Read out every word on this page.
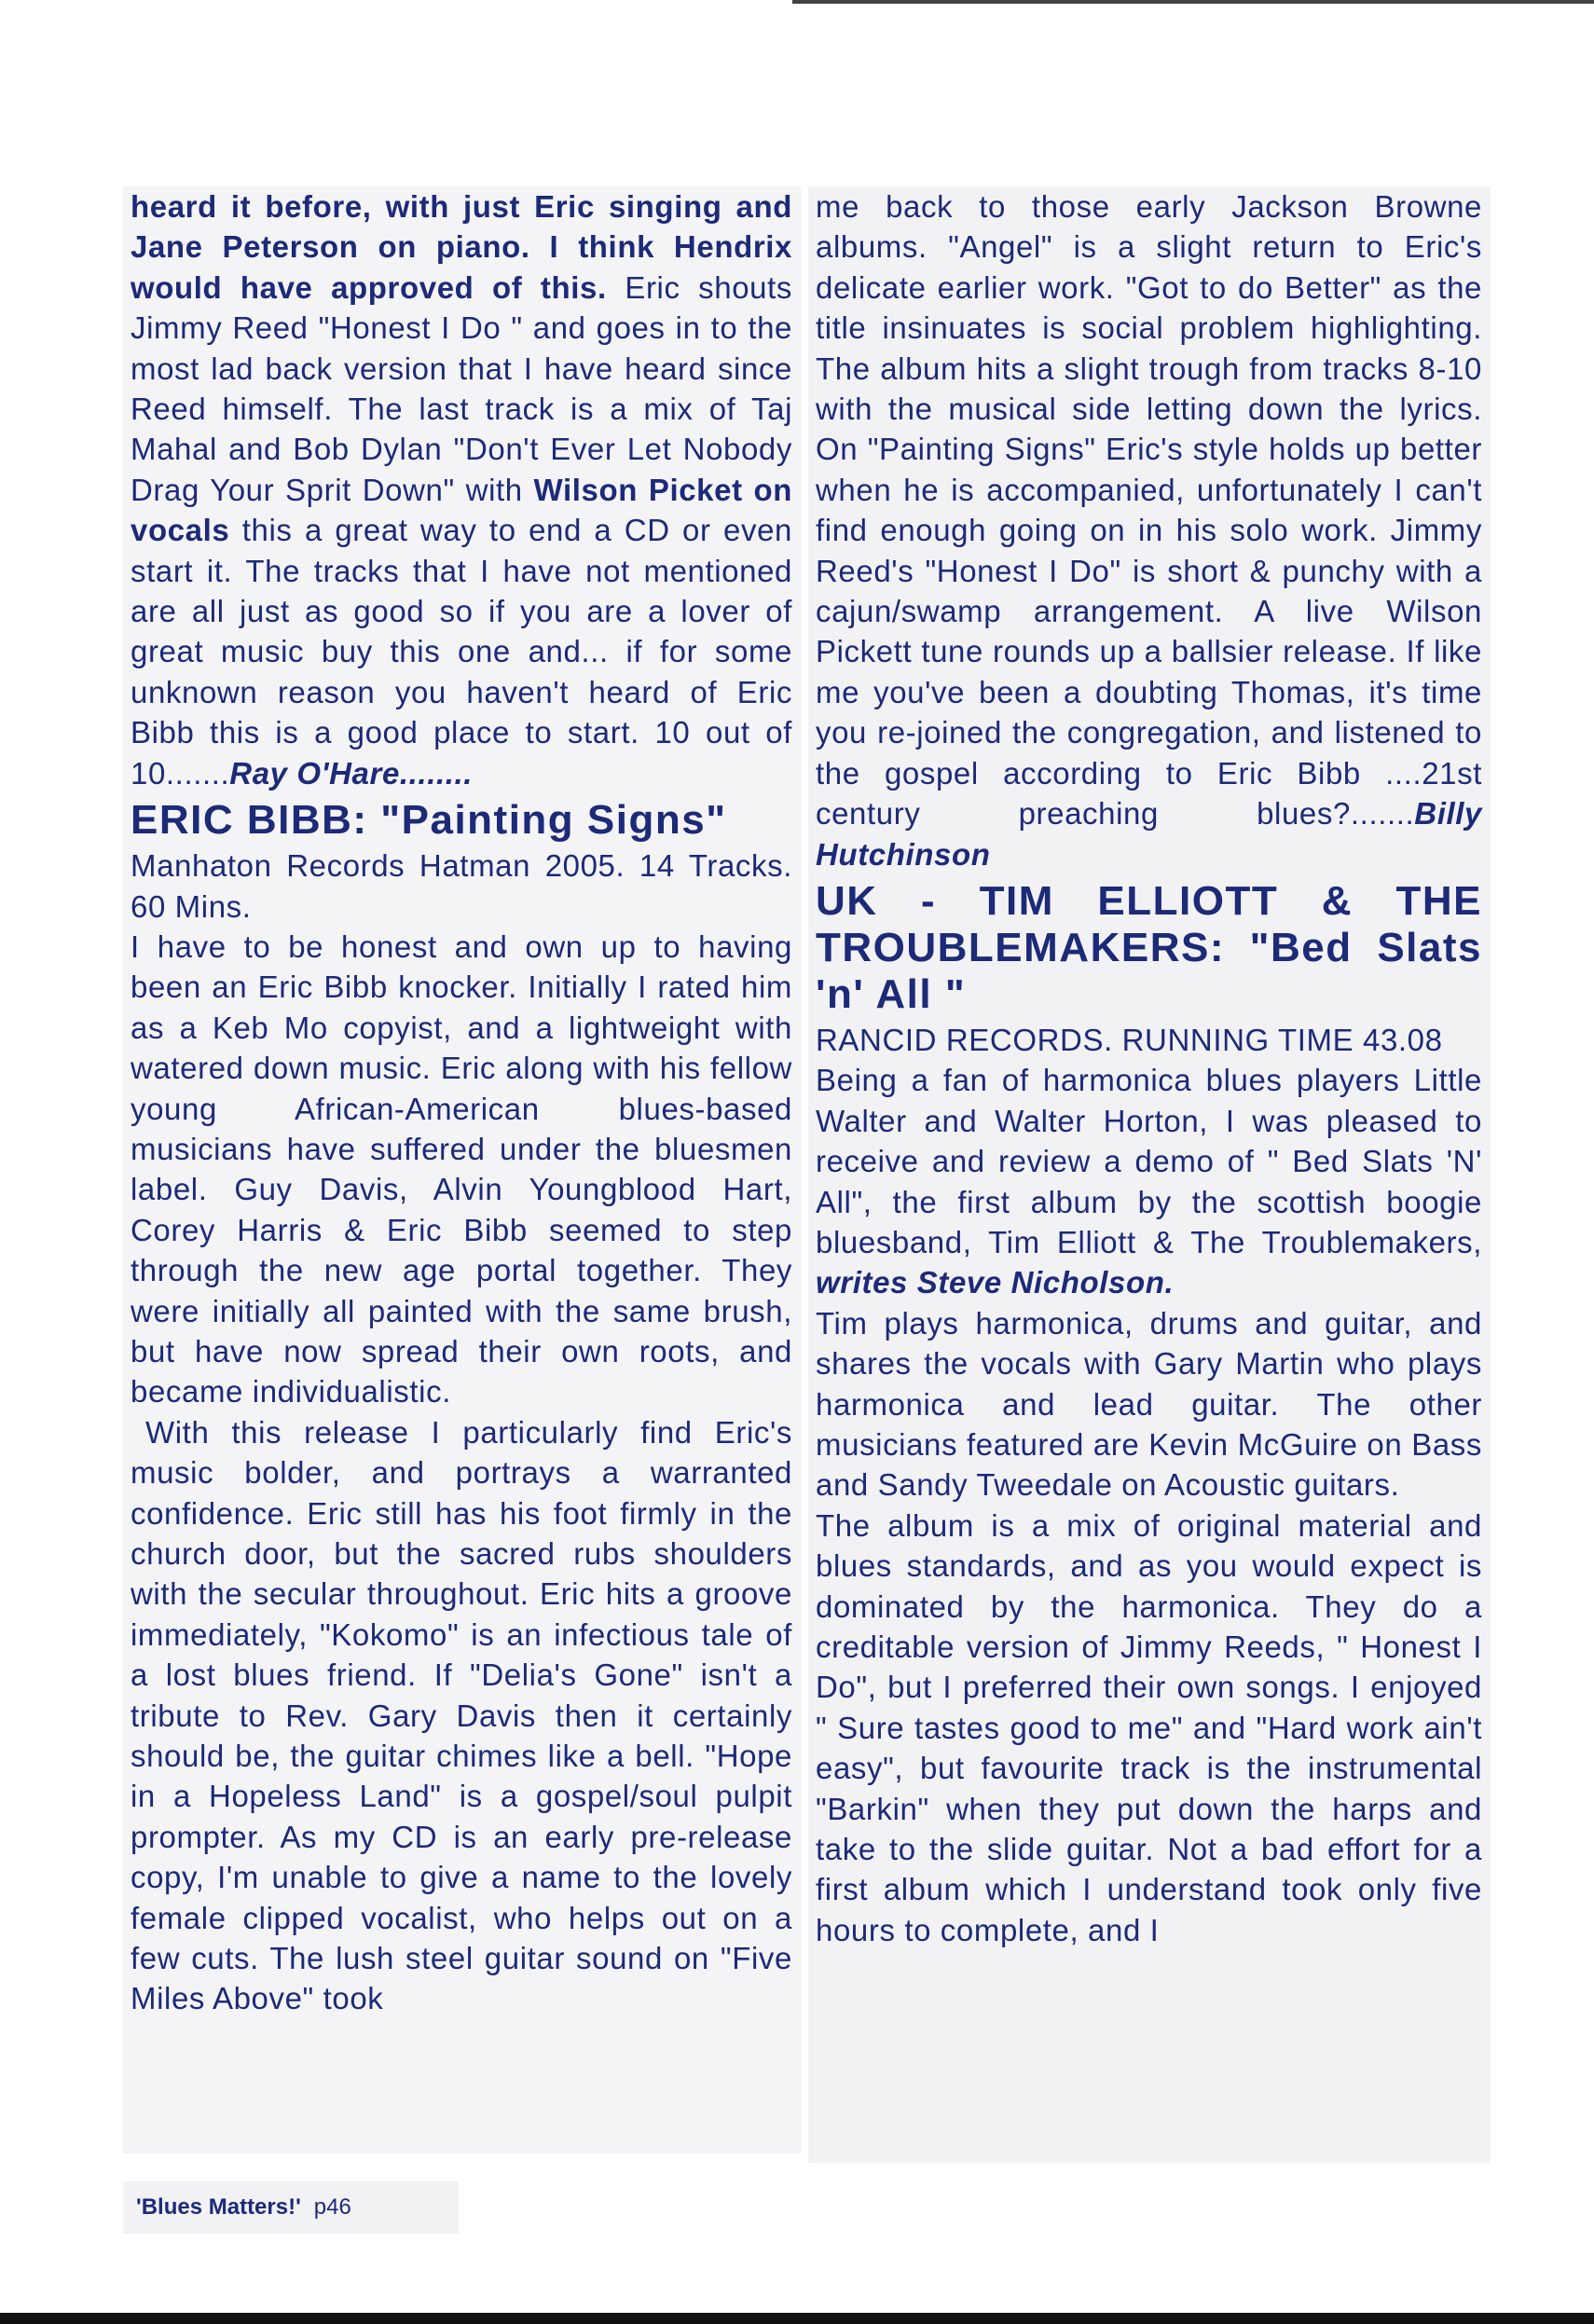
heard it before, with just Eric singing and Jane Peterson on piano. I think Hendrix would have approved of this. Eric shouts Jimmy Reed "Honest I Do " and goes in to the most lad back version that I have heard since Reed himself. The last track is a mix of Taj Mahal and Bob Dylan "Don't Ever Let Nobody Drag Your Sprit Down" with Wilson Picket on vocals this a great way to end a CD or even start it. The tracks that I have not mentioned are all just as good so if you are a lover of great music buy this one and... if for some unknown reason you haven't heard of Eric Bibb this is a good place to start. 10 out of 10.......Ray O'Hare........

ERIC BIBB: "Painting Signs"

Manhaton Records Hatman 2005. 14 Tracks. 60 Mins.

I have to be honest and own up to having been an Eric Bibb knocker. Initially I rated him as a Keb Mo copyist, and a lightweight with watered down music. Eric along with his fellow young African-American blues-based musicians have suffered under the bluesmen label. Guy Davis, Alvin Youngblood Hart, Corey Harris & Eric Bibb seemed to step through the new age portal together. They were initially all painted with the same brush, but have now spread their own roots, and became individualistic.

With this release I particularly find Eric's music bolder, and portrays a warranted confidence. Eric still has his foot firmly in the church door, but the sacred rubs shoulders with the secular throughout. Eric hits a groove immediately, "Kokomo" is an infectious tale of a lost blues friend. If "Delia's Gone" isn't a tribute to Rev. Gary Davis then it certainly should be, the guitar chimes like a bell. "Hope in a Hopeless Land" is a gospel/soul pulpit prompter. As my CD is an early pre-release copy, I'm unable to give a name to the lovely female clipped vocalist, who helps out on a few cuts. The lush steel guitar sound on "Five Miles Above" took

me back to those early Jackson Browne albums. "Angel" is a slight return to Eric's delicate earlier work. "Got to do Better" as the title insinuates is social problem highlighting. The album hits a slight trough from tracks 8-10 with the musical side letting down the lyrics. On "Painting Signs" Eric's style holds up better when he is accompanied, unfortunately I can't find enough going on in his solo work. Jimmy Reed's "Honest I Do" is short & punchy with a cajun/swamp arrangement. A live Wilson Pickett tune rounds up a ballsier release. If like me you've been a doubting Thomas, it's time you re-joined the congregation, and listened to the gospel according to Eric Bibb ....21st century preaching blues?.......Billy Hutchinson

UK - TIM ELLIOTT & THE TROUBLEMAKERS: "Bed Slats 'n' All "

RANCID RECORDS. RUNNING TIME 43.08

Being a fan of harmonica blues players Little Walter and Walter Horton, I was pleased to receive and review a demo of " Bed Slats 'N' All", the first album by the scottish boogie bluesband, Tim Elliott & The Troublemakers, writes Steve Nicholson.

Tim plays harmonica, drums and guitar, and shares the vocals with Gary Martin who plays harmonica and lead guitar. The other musicians featured are Kevin McGuire on Bass and Sandy Tweedale on Acoustic guitars.

The album is a mix of original material and blues standards, and as you would expect is dominated by the harmonica. They do a creditable version of Jimmy Reeds, " Honest I Do", but I preferred their own songs. I enjoyed " Sure tastes good to me" and "Hard work ain't easy", but favourite track is the instrumental "Barkin" when they put down the harps and take to the slide guitar. Not a bad effort for a first album which I understand took only five hours to complete, and I

'Blues Matters!' p46
